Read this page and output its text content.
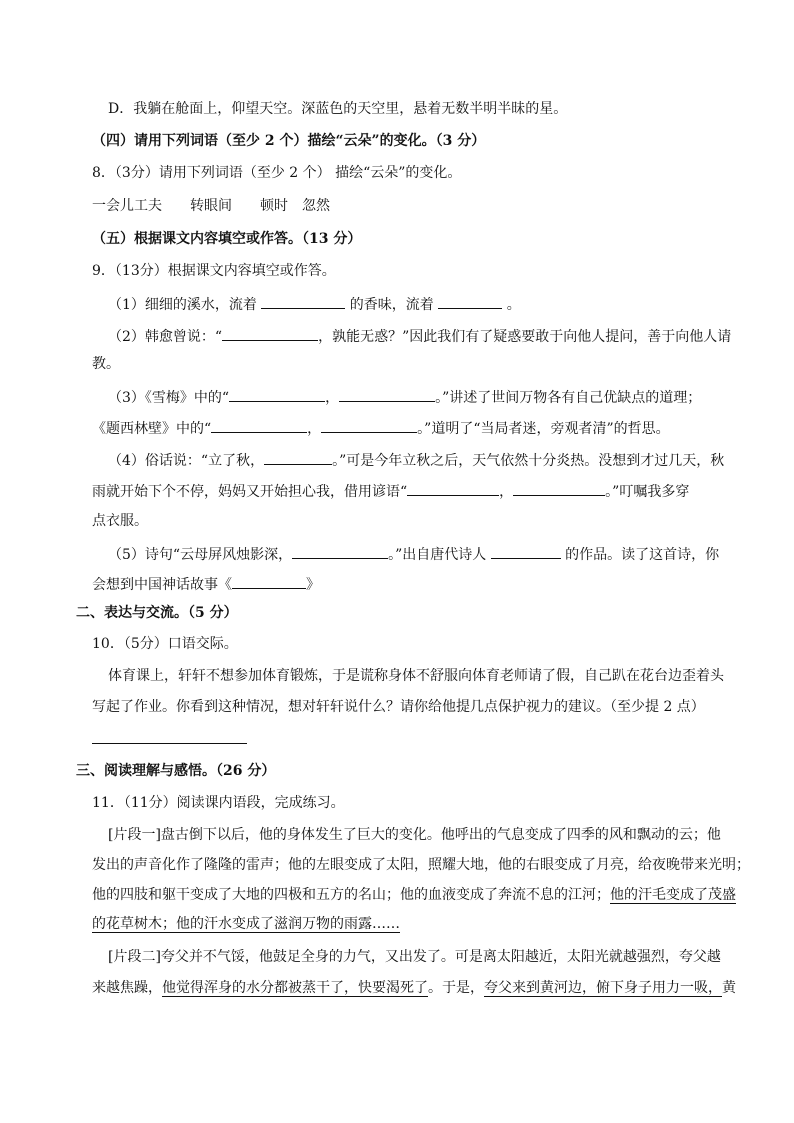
D．我躺在舱面上，仰望天空。深蓝色的天空里，悬着无数半明半昧的星。
（四）请用下列词语（至少 2 个）描绘“云朵”的变化。（3 分）
8．（3分）请用下列词语（至少 2 个） 描绘“云朵”的变化。
一会儿工夫　　转眼间　　顿时　忽然
（五）根据课文内容填空或作答。（13 分）
9．（13分）根据课文内容填空或作答。
（1）细细的溪水，流着	的香味，流着	。
（2）韩愈曾说：“	，孰能无惑？”因此我们有了疑惑要敢于向他人提问，善于向他人请
教。
（3）《雪梅》中的“	，	。”讲述了世间万物各有自己优缺点的道理；
《题西林壁》中的“	，	。”道明了“当局者迷，旁观者清”的哲思。
（4）俗话说：“立了秋，	。”可是今年立秋之后，天气依然十分炎热。没想到才过几天，秋
雨就开始下个不停，妈妈又开始担心我，借用谚语“	，	。”叮嘱我多穿
点衣服。
（5）诗句“云母屏风烛影深，	。”出自唐代诗人	的作品。读了这首诗，你
会想到中国神话故事《	》
二、表达与交流。（5 分）
10．（5分）口语交际。
体育课上，轩轩不想参加体育锻炼，于是谎称身体不舒服向体育老师请了假，自己趴在花台边歪着头
写起了作业。你看到这种情况，想对轩轩说什么？请你给他提几点保护视力的建议。（至少提 2 点）
三、阅读理解与感悟。（26 分）
11．（11分）阅读课内语段，完成练习。
[片段一]盘古倒下以后，他的身体发生了巨大的变化。他呼出的气息变成了四季的风和飘动的云；他
发出的声音化作了隆隆的雷声；他的左眼变成了太阳，照耀大地，他的右眼变成了月亮，给夜晚带来光明；
他的四肢和躯干变成了大地的四极和五方的名山；他的血液变成了奔流不息的江河；他的汗毛变成了茂盛
的花草树木；他的汗水变成了滋润万物的雨露……
[片段二]夸父并不气馁，他鼓足全身的力气，又出发了。可是离太阳越近，太阳光就越强烈，夸父越
来越焦躁，他觉得浑身的水分都被蒸干了，快要渴死了。于是，夸父来到黄河边，俯下身子用力一吸，黄
